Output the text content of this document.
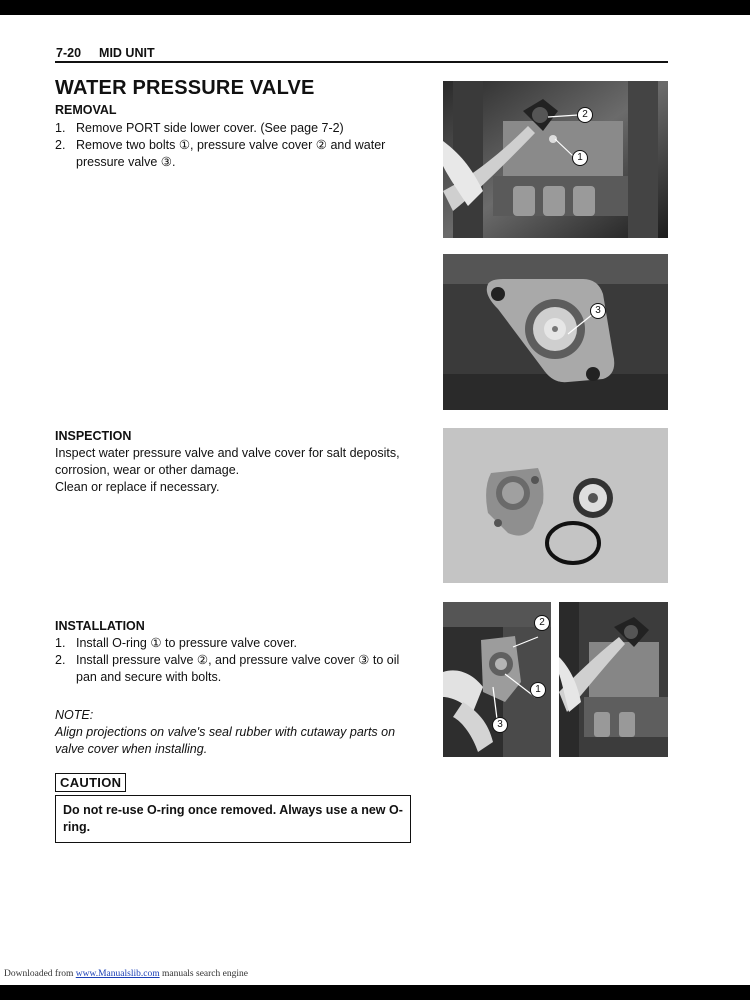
7-20 MID UNIT
WATER PRESSURE VALVE
REMOVAL
1. Remove PORT side lower cover. (See page 7-2)
2. Remove two bolts ①, pressure valve cover ② and water pressure valve ③.
INSPECTION
Inspect water pressure valve and valve cover for salt deposits, corrosion, wear or other damage.
Clean or replace if necessary.
INSTALLATION
1. Install O-ring ① to pressure valve cover.
2. Install pressure valve ②, and pressure valve cover ③ to oil pan and secure with bolts.
NOTE:
Align projections on valve's seal rubber with cutaway parts on valve cover when installing.
CAUTION
Do not re-use O-ring once removed. Always use a new O-ring.
2
1
3
2
1
3
Downloaded from www.Manualslib.com manuals search engine
